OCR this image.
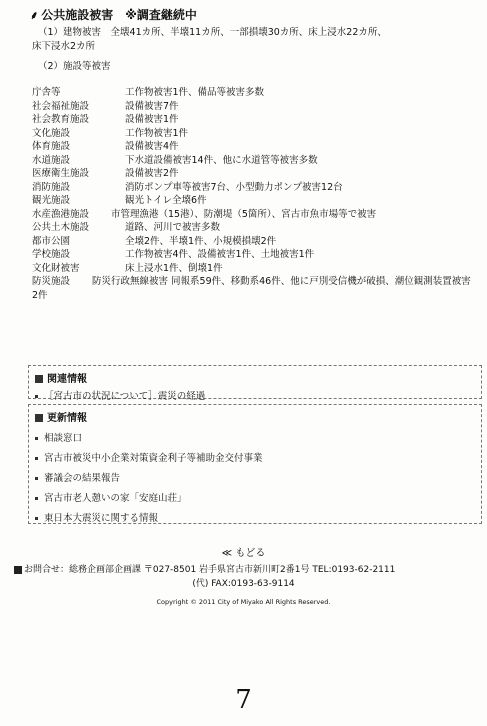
⸙ 公共施設被害　※調査継続中
（1）建物被害　全壊41カ所、半壊11カ所、一部損壊30カ所、床上浸水22カ所、
床下浸水2カ所
（2）施設等被害
庁舎等	工作物被害1件、備品等被害多数
社会福祉施設	設備被害7件
社会教育施設	設備被害1件
文化施設	工作物被害1件
体育施設	設備被害4件
水道施設	下水道設備被害14件、他に水道管等被害多数
医療衛生施設	設備被害2件
消防施設	消防ポンプ車等被害7台、小型動力ポンプ被害12台
観光施設	観光トイレ全壊6件
水産漁港施設 市管理漁港（15港）、防潮堤（5箇所）、宮古市魚市場等で被害
公共土木施設	道路、河川で被害多数
都市公園	全壊2件、半壊1件、小規模損壊2件
学校施設	工作物被害4件、設備被害1件、土地被害1件
文化財被害	床上浸水1件、倒壊1件
防災施設 防災行政無線被害 同報系59件、移動系46件、他に戸別受信機が破損、潮位観測装置被害2件
関連情報
［宮古市の状況について］震災の経過
更新情報
相談窓口
宮古市被災中小企業対策資金利子等補助金交付事業
審議会の結果報告
宮古市老人憩いの家「安庭山荘」
東日本大震災に関する情報
≪ もどる
お問合せ：総務企画部企画課 〒027-8501 岩手県宮古市新川町2番1号 TEL:0193-62-2111
(代) FAX:0193-63-9114
Copyright © 2011 City of Miyako All Rights Reserved.
7
